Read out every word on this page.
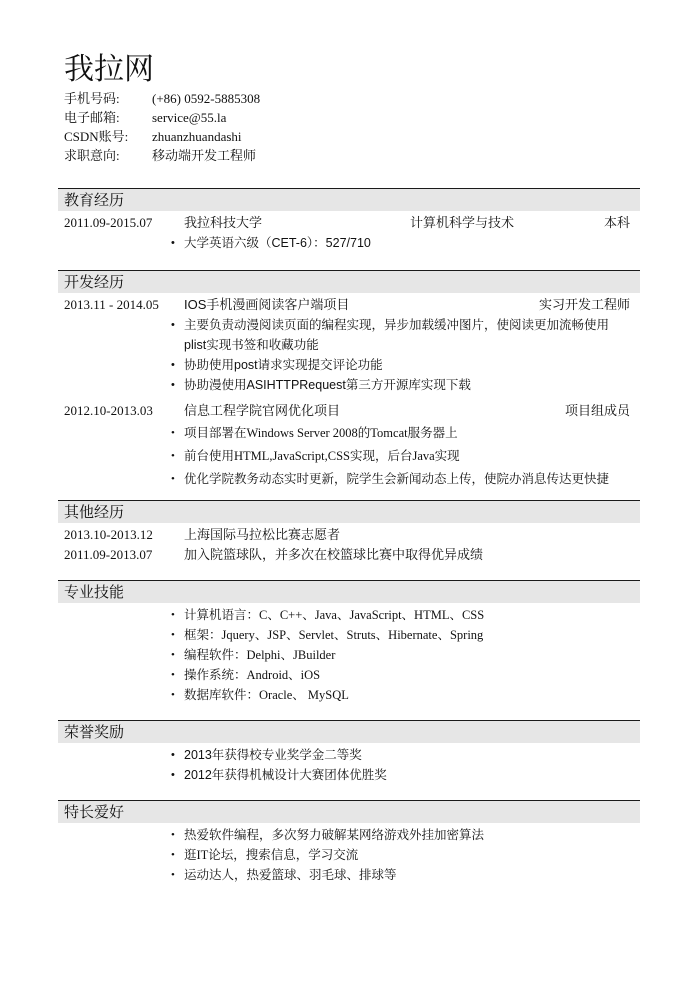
我拉网
手机号码: (+86) 0592-5885308
电子邮箱: service@55.la
CSDN账号: zhuanzhuandashi
求职意向: 移动端开发工程师
教育经历
2011.09-2015.07 我拉科技大学	计算机科学与技术	本科
• 大学英语六级（CET-6）：527/710
开发经历
2013.11 - 2014.05 IOS手机漫画阅读客户端项目	实习开发工程师
• 主要负责动漫阅读页面的编程实现，异步加载缓冲图片，使阅读更加流畅使用plist实现书签和收藏功能
• 协助使用post请求实现提交评论功能
• 协助漫使用ASIHTTPRequest第三方开源库实现下载
2012.10-2013.03 信息工程学院官网优化项目	项目组成员
• 项目部署在Windows Server 2008的Tomcat服务器上
• 前台使用HTML,JavaScript,CSS实现，后台Java实现
• 优化学院教务动态实时更新，院学生会新闻动态上传，使院办消息传达更快捷
其他经历
2013.10-2013.12 上海国际马拉松比赛志愿者
2011.09-2013.07 加入院篮球队，并多次在校篮球比赛中取得优异成绩
专业技能
• 计算机语言：C、C++、Java、JavaScript、HTML、CSS
• 框架：Jquery、JSP、Servlet、Struts、Hibernate、Spring
• 编程软件：Delphi、JBuilder
• 操作系统：Android、iOS
• 数据库软件：Oracle、 MySQL
荣誉奖励
• 2013年获得校专业奖学金二等奖
• 2012年获得机械设计大赛团体优胜奖
特长爱好
• 热爱软件编程，多次努力破解某网络游戏外挂加密算法
• 逛IT论坛，搜索信息，学习交流
• 运动达人，热爱篮球、羽毛球、排球等
